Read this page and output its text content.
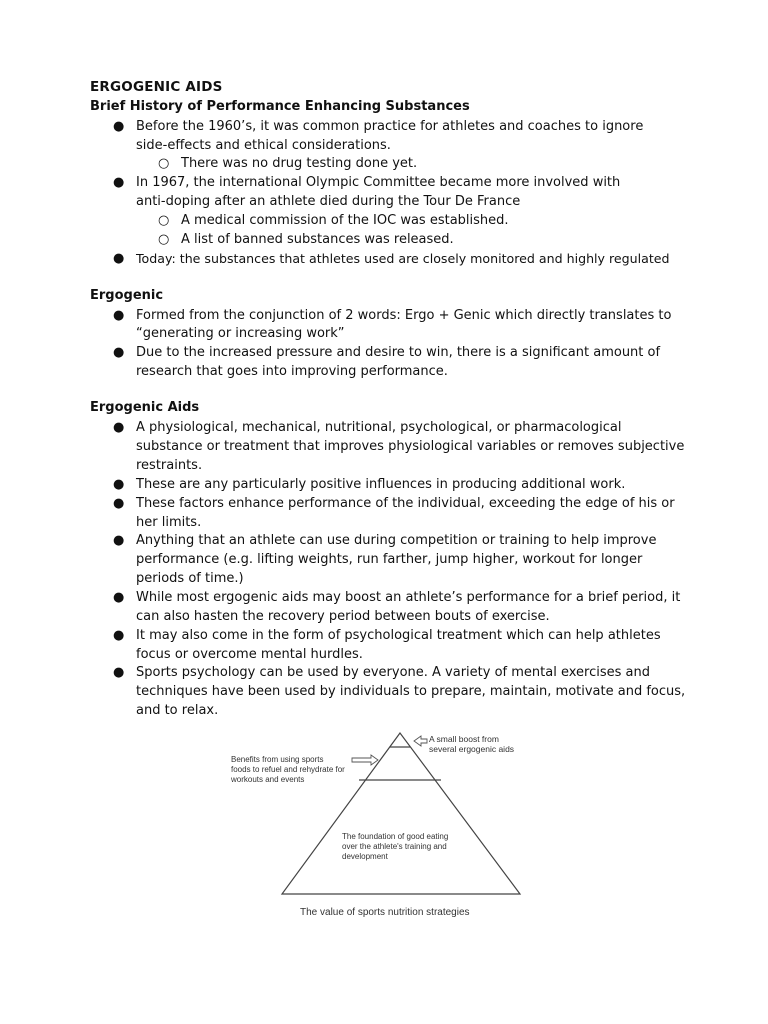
ERGOGENIC AIDS
Brief History of Performance Enhancing Substances
● Before the 1960’s, it was common practice for athletes and coaches to ignore
side-effects and ethical considerations.
○ There was no drug testing done yet.
● In 1967, the international Olympic Committee became more involved with
anti-doping after an athlete died during the Tour De France
○ A medical commission of the IOC was established.
○ A list of banned substances was released.
● Today: the substances that athletes used are closely monitored and highly regulated
Ergogenic
● Formed from the conjunction of 2 words: Ergo + Genic which directly translates to
“generating or increasing work”
● Due to the increased pressure and desire to win, there is a significant amount of
research that goes into improving performance.
Ergogenic Aids
● A physiological, mechanical, nutritional, psychological, or pharmacological
substance or treatment that improves physiological variables or removes subjective
restraints.
● These are any particularly positive influences in producing additional work.
● These factors enhance performance of the individual, exceeding the edge of his or
her limits.
● Anything that an athlete can use during competition or training to help improve
performance (e.g. lifting weights, run farther, jump higher, workout for longer
periods of time.)
● While most ergogenic aids may boost an athlete’s performance for a brief period, it
can also hasten the recovery period between bouts of exercise.
● It may also come in the form of psychological treatment which can help athletes
focus or overcome mental hurdles.
● Sports psychology can be used by everyone. A variety of mental exercises and
techniques have been used by individuals to prepare, maintain, motivate and focus,
and to relax.
A small boost from
several ergogenic aids
Benefits from using sports
foods to refuel and rehydrate for
workouts and events
The foundation of good eating
over the athlete's training and
development
The value of sports nutrition strategies
